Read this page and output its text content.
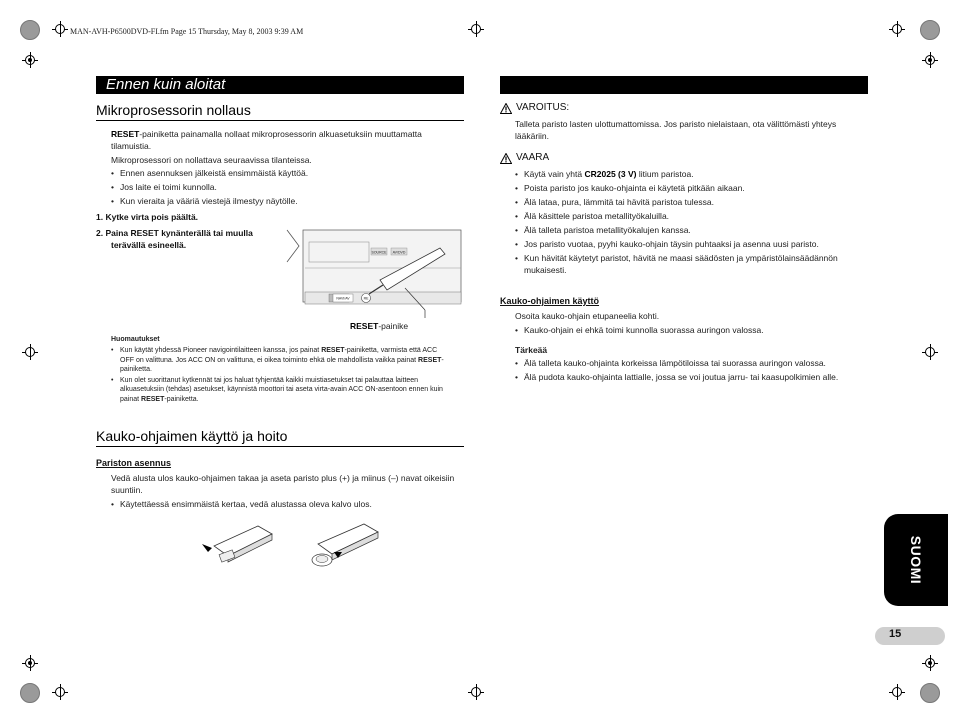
MAN-AVH-P6500DVD-FI.fm Page 15 Thursday, May 8, 2003 9:39 AM
Ennen kuin aloitat
Mikroprosessorin nollaus
RESET-painiketta painamalla nollaat mikroprosessorin alkuasetuksiin muuttamatta tilamuistia.
Mikroprosessori on nollattava seuraavissa tilanteissa.
• Ennen asennuksen jälkeistä ensimmäistä käyttöä.
• Jos laite ei toimi kunnolla.
• Kun vieraita ja vääriä viestejä ilmestyy näytölle.
1. Kytke virta pois päältä.
2. Paina RESET kynänterällä tai muulla
terävällä esineellä.
SOURCE AV/DVD
NAVI/AV	RE
RESET-painike
Huomautukset
• Kun käytät yhdessä Pioneer navigointilaitteen kanssa, jos painat RESET-painiketta, varmista että ACC OFF on valittuna. Jos ACC ON on valittuna, ei oikea toiminto ehkä ole mahdollista vaikka painat RESET-painiketta.
• Kun olet suorittanut kytkennät tai jos haluat tyhjentää kaikki muistiasetukset tai palauttaa laitteen alkuasetuksiin (tehdas) asetukset, käynnistä moottori tai aseta virta-avain ACC ON-asentoon ennen kuin painat RESET-painiketta.
Kauko-ohjaimen käyttö ja hoito
Pariston asennus
Vedä alusta ulos kauko-ohjaimen takaa ja aseta paristo plus (+) ja miinus (–) navat oikeisiin suuntiin.
• Käytettäessä ensimmäistä kertaa, vedä alustassa oleva kalvo ulos.
VAROITUS:
Talleta paristo lasten ulottumattomissa. Jos paristo nielaistaan, ota välittömästi yhteys lääkäriin.
VAARA
• Käytä vain yhtä CR2025 (3 V) litium paristoa.
• Poista paristo jos kauko-ohjainta ei käytetä pitkään aikaan.
• Älä lataa, pura, lämmitä tai hävitä paristoa tulessa.
• Älä käsittele paristoa metallityökaluilla.
• Älä talleta paristoa metallityökalujen kanssa.
• Jos paristo vuotaa, pyyhi kauko-ohjain täysin puhtaaksi ja asenna uusi paristo.
• Kun hävität käytetyt paristot, hävitä ne maasi säädösten ja ympäristölainsäädännön mukaisesti.
Kauko-ohjaimen käyttö
Osoita kauko-ohjain etupaneelia kohti.
• Kauko-ohjain ei ehkä toimi kunnolla suorassa auringon valossa.
Tärkeää
• Älä talleta kauko-ohjainta korkeissa lämpötiloissa tai suorassa auringon valossa.
• Älä pudota kauko-ohjainta lattialle, jossa se voi joutua jarru- tai kaasupolkimien alle.
SUOMI
15
